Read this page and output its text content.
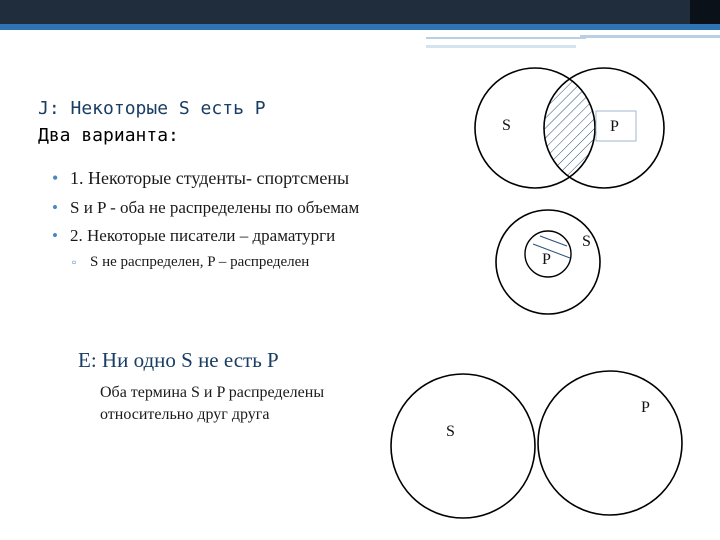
J: Некоторые S есть P
Два варианта:
• 1. Некоторые студенты- спортсмены
• S и P - оба не распределены по объемам
• 2. Некоторые писатели – драматурги
▫ S не распределен, P – распределен
E: Ни одно S не есть P
Оба термина S и P распределены
относительно друг друга
S	P
S
P
S
P
